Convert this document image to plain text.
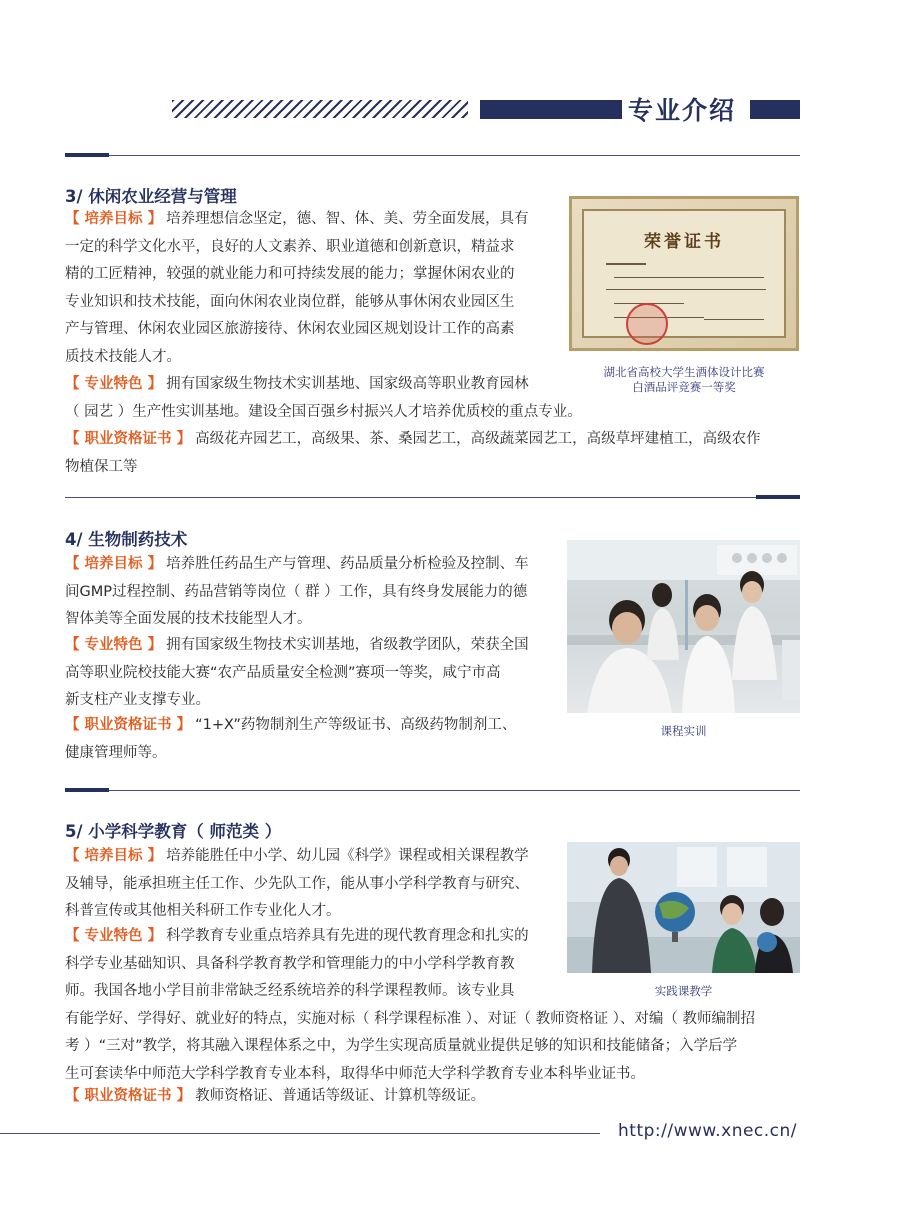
专业介绍
3/ 休闲农业经营与管理
【 培养目标 】 培养理想信念坚定，德、智、体、美、劳全面发展，具有
一定的科学文化水平，良好的人文素养、职业道德和创新意识，精益求
精的工匠精神，较强的就业能力和可持续发展的能力；掌握休闲农业的
专业知识和技术技能，面向休闲农业岗位群，能够从事休闲农业园区生
产与管理、休闲农业园区旅游接待、休闲农业园区规划设计工作的高素
质技术技能人才。
【 专业特色 】 拥有国家级生物技术实训基地、国家级高等职业教育园林
（ 园艺 ）生产性实训基地。建设全国百强乡村振兴人才培养优质校的重点专业。
【 职业资格证书 】 高级花卉园艺工，高级果、茶、桑园艺工，高级蔬菜园艺工，高级草坪建植工，高级农作
物植保工等
荣誉证书
湖北省高校大学生酒体设计比赛
白酒品评竞赛一等奖
4/ 生物制药技术
【 培养目标 】 培养胜任药品生产与管理、药品质量分析检验及控制、车
间GMP过程控制、药品营销等岗位（ 群 ）工作，具有终身发展能力的德
智体美等全面发展的技术技能型人才。
【 专业特色 】 拥有国家级生物技术实训基地，省级教学团队，荣获全国
高等职业院校技能大赛“农产品质量安全检测”赛项一等奖，咸宁市高
新支柱产业支撑专业。
【 职业资格证书 】 “1+X”药物制剂生产等级证书、高级药物制剂工、
健康管理师等。
课程实训
5/ 小学科学教育（ 师范类 ）
【 培养目标 】 培养能胜任中小学、幼儿园《科学》课程或相关课程教学
及辅导，能承担班主任工作、少先队工作，能从事小学科学教育与研究、
科普宣传或其他相关科研工作专业化人才。
【 专业特色 】 科学教育专业重点培养具有先进的现代教育理念和扎实的
科学专业基础知识、具备科学教育教学和管理能力的中小学科学教育教
师。我国各地小学目前非常缺乏经系统培养的科学课程教师。该专业具
有能学好、学得好、就业好的特点，实施对标（ 科学课程标准 ）、对证（ 教师资格证 ）、对编（ 教师编制招
考 ）“三对”教学，将其融入课程体系之中，为学生实现高质量就业提供足够的知识和技能储备；入学后学
生可套读华中师范大学科学教育专业本科，取得华中师范大学科学教育专业本科毕业证书。
【 职业资格证书 】 教师资格证、普通话等级证、计算机等级证。
实践课教学
http://www.xnec.cn/
